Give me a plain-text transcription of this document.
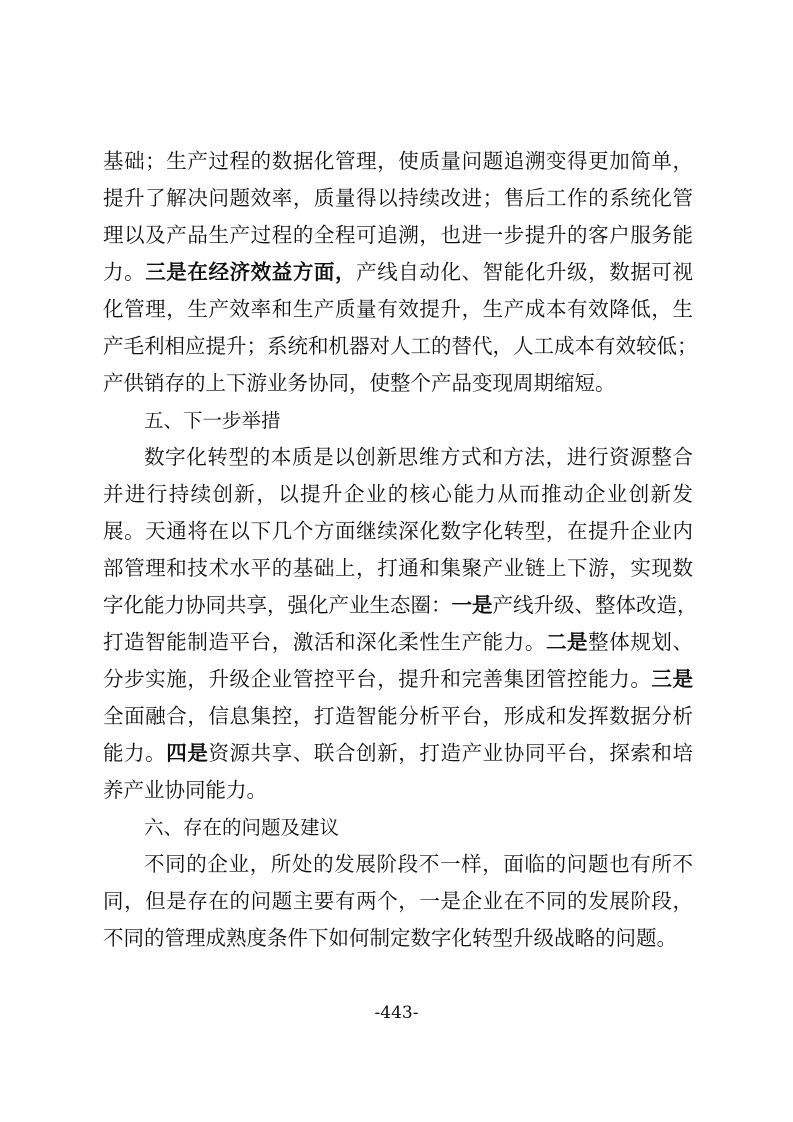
基础；生产过程的数据化管理，使质量问题追溯变得更加简单，
提升了解决问题效率，质量得以持续改进；售后工作的系统化管
理以及产品生产过程的全程可追溯，也进一步提升的客户服务能
力。三是在经济效益方面，产线自动化、智能化升级，数据可视
化管理，生产效率和生产质量有效提升，生产成本有效降低，生
产毛利相应提升；系统和机器对人工的替代，人工成本有效较低；
产供销存的上下游业务协同，使整个产品变现周期缩短。
五、下一步举措
数字化转型的本质是以创新思维方式和方法，进行资源整合
并进行持续创新，以提升企业的核心能力从而推动企业创新发
展。天通将在以下几个方面继续深化数字化转型，在提升企业内
部管理和技术水平的基础上，打通和集聚产业链上下游，实现数
字化能力协同共享，强化产业生态圈：一是产线升级、整体改造，
打造智能制造平台，激活和深化柔性生产能力。二是整体规划、
分步实施，升级企业管控平台，提升和完善集团管控能力。三是
全面融合，信息集控，打造智能分析平台，形成和发挥数据分析
能力。四是资源共享、联合创新，打造产业协同平台，探索和培
养产业协同能力。
六、存在的问题及建议
不同的企业，所处的发展阶段不一样，面临的问题也有所不
同，但是存在的问题主要有两个，一是企业在不同的发展阶段，
不同的管理成熟度条件下如何制定数字化转型升级战略的问题。
-443-
